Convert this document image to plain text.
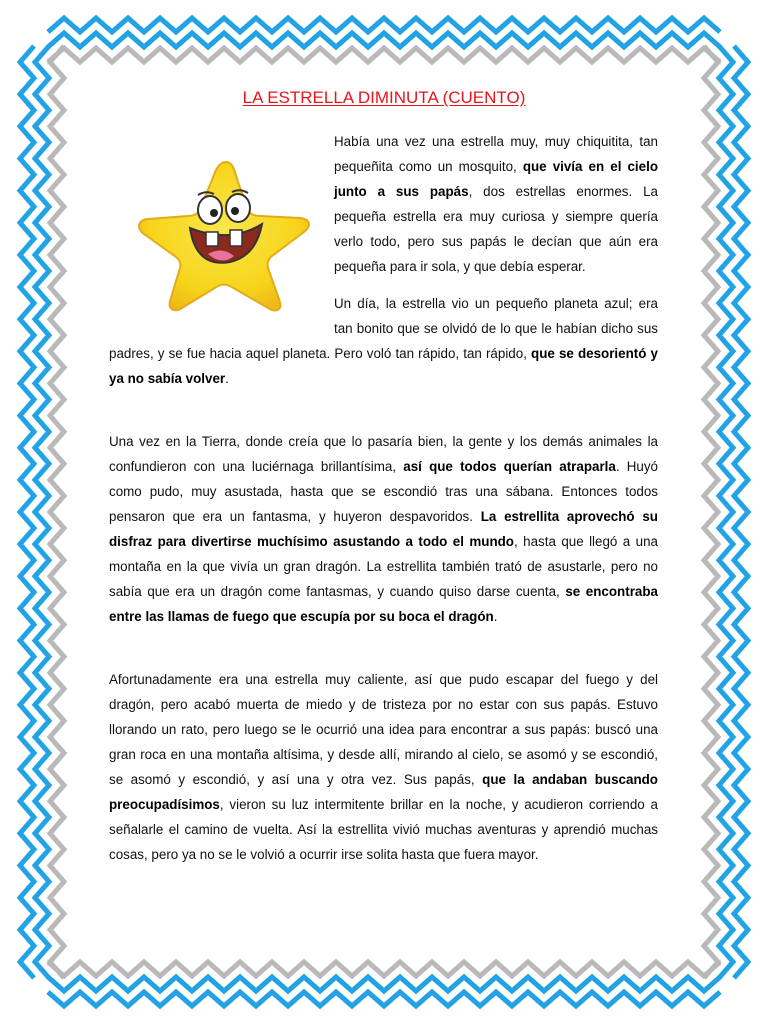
LA ESTRELLA DIMINUTA (CUENTO)

Había una vez una estrella muy, muy chiquitita, tan pequeñita como un mosquito, que vivía en el cielo junto a sus papás, dos estrellas enormes. La pequeña estrella era muy curiosa y siempre quería verlo todo, pero sus papás le decían que aún era pequeña para ir sola, y que debía esperar.

Un día, la estrella vio un pequeño planeta azul; era tan bonito que se olvidó de lo que le habían dicho sus padres, y se fue hacia aquel planeta. Pero voló tan rápido, tan rápido, que se desorientó y ya no sabía volver.

Una vez en la Tierra, donde creía que lo pasaría bien, la gente y los demás animales la confundieron con una luciérnaga brillantísima, así que todos querían atraparla. Huyó como pudo, muy asustada, hasta que se escondió tras una sábana. Entonces todos pensaron que era un fantasma, y huyeron despavoridos. La estrellita aprovechó su disfraz para divertirse muchísimo asustando a todo el mundo, hasta que llegó a una montaña en la que vivía un gran dragón. La estrellita también trató de asustarle, pero no sabía que era un dragón come fantasmas, y cuando quiso darse cuenta, se encontraba entre las llamas de fuego que escupía por su boca el dragón.

Afortunadamente era una estrella muy caliente, así que pudo escapar del fuego y del dragón, pero acabó muerta de miedo y de tristeza por no estar con sus papás. Estuvo llorando un rato, pero luego se le ocurrió una idea para encontrar a sus papás: buscó una gran roca en una montaña altísima, y desde allí, mirando al cielo, se asomó y se escondió, se asomó y escondió, y así una y otra vez. Sus papás, que la andaban buscando preocupadísimos, vieron su luz intermitente brillar en la noche, y acudieron corriendo a señalarle el camino de vuelta. Así la estrellita vivió muchas aventuras y aprendió muchas cosas, pero ya no se le volvió a ocurrir irse solita hasta que fuera mayor.
